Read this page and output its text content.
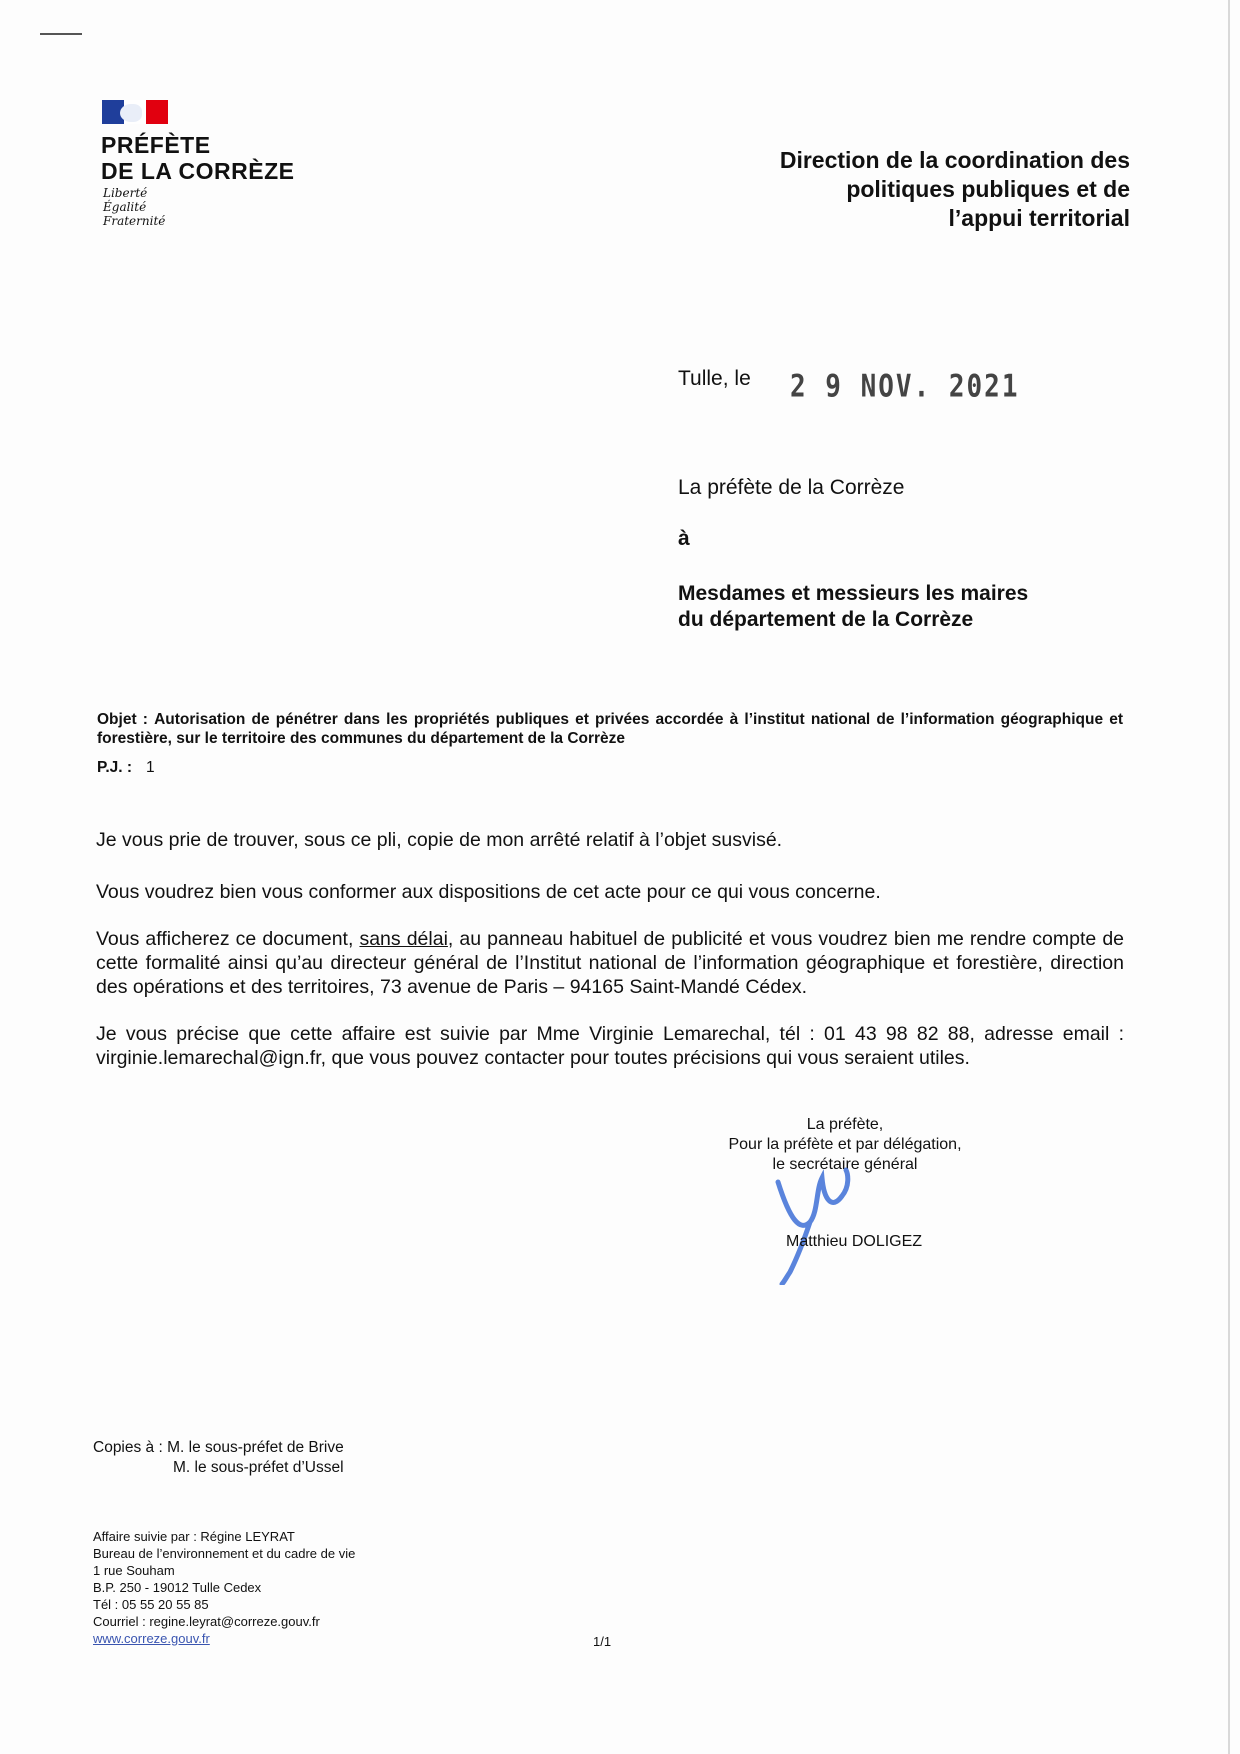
PRÉFÈTE
DE LA CORRÈZE
Liberté
Égalité
Fraternité
Direction de la coordination des
politiques publiques et de
l’appui territorial
Tulle, le 2 9 NOV. 2021
La préfète de la Corrèze
à
Mesdames et messieurs les maires
du département de la Corrèze
Objet : Autorisation de pénétrer dans les propriétés publiques et privées accordée à l’institut national de l’information géographique et forestière, sur le territoire des communes du département de la Corrèze
P.J. : 1
Je vous prie de trouver, sous ce pli, copie de mon arrêté relatif à l’objet susvisé.
Vous voudrez bien vous conformer aux dispositions de cet acte pour ce qui vous concerne.
Vous afficherez ce document, sans délai, au panneau habituel de publicité et vous voudrez bien me rendre compte de cette formalité ainsi qu’au directeur général de l’Institut national de l’information géographique et forestière, direction des opérations et des territoires, 73 avenue de Paris – 94165 Saint-Mandé Cédex.
Je vous précise que cette affaire est suivie par Mme Virginie Lemarechal, tél : 01 43 98 82 88, adresse email : virginie.lemarechal@ign.fr, que vous pouvez contacter pour toutes précisions qui vous seraient utiles.
La préfète,
Pour la préfète et par délégation,
le secrétaire général
Matthieu DOLIGEZ
Copies à : M. le sous-préfet de Brive
M. le sous-préfet d’Ussel
Affaire suivie par : Régine LEYRAT
Bureau de l’environnement et du cadre de vie
1 rue Souham
B.P. 250 - 19012 Tulle Cedex
Tél : 05 55 20 55 85
Courriel : regine.leyrat@correze.gouv.fr
www.correze.gouv.fr	1/1
